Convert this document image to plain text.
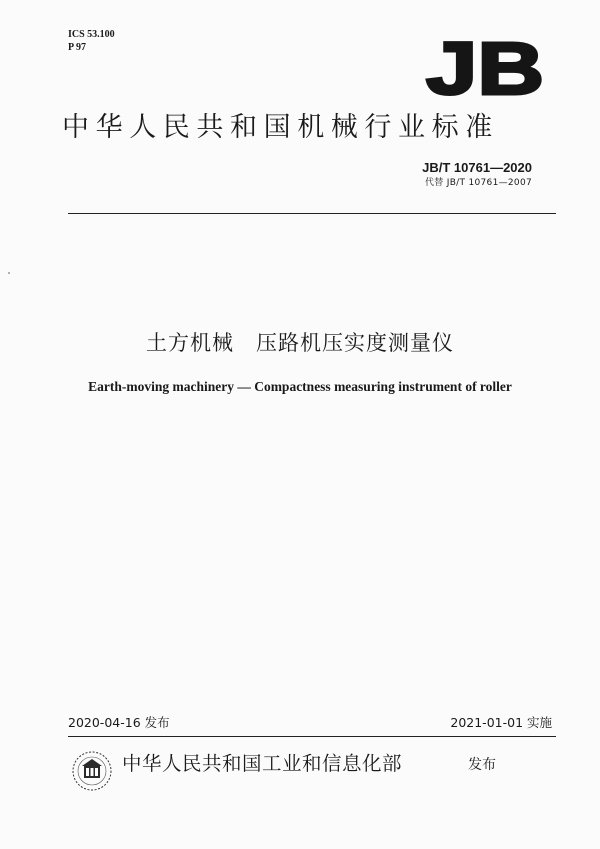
ICS 53.100
P 97	JB
中华人民共和国机械行业标准
JB/T 10761—2020
代替 JB/T 10761—2007
土方机械　压路机压实度测量仪
Earth-moving machinery — Compactness measuring instrument of roller
2020-04-16 发布	2021-01-01 实施
中华人民共和国工业和信息化部	发布
